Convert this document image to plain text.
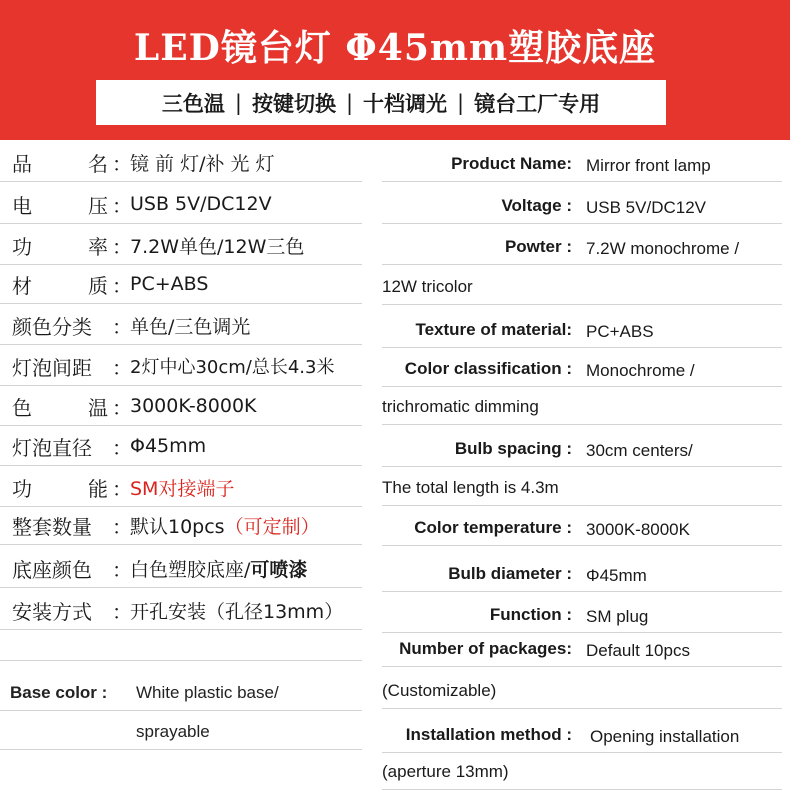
LED镜台灯 Φ45mm塑胶底座
三色温 | 按键切换 | 十档调光 | 镜台工厂专用
品	名 ：
镜 前 灯/补 光 灯
电	压 ：
USB 5V/DC12V
功	率 ：
7.2W单色/12W三色
材	质 ：
PC+ABS
颜色分类	：
单色/三色调光
灯泡间距	：
2灯中心30cm/总长4.3米
色	温 ：
3000K-8000K
灯泡直径	：
Φ45mm
功	能 ：
SM对接端子
整套数量	：
默认10pcs（可定制）
底座颜色	：
白色塑胶底座/可喷漆
安装方式	：
开孔安装（孔径13mm）
Base color : White plastic base/
sprayable
Product Name: Mirror front lamp
Voltage : USB 5V/DC12V
Powter : 7.2W monochrome /
12W tricolor
Texture of material: PC+ABS
Color classification : Monochrome /
trichromatic dimming
Bulb spacing : 30cm centers/
The total length is 4.3m
Color temperature : 3000K-8000K
Bulb diameter : Φ45mm
Function : SM plug
Number of packages: Default 10pcs
(Customizable)
Installation method : Opening installation
(aperture 13mm)
